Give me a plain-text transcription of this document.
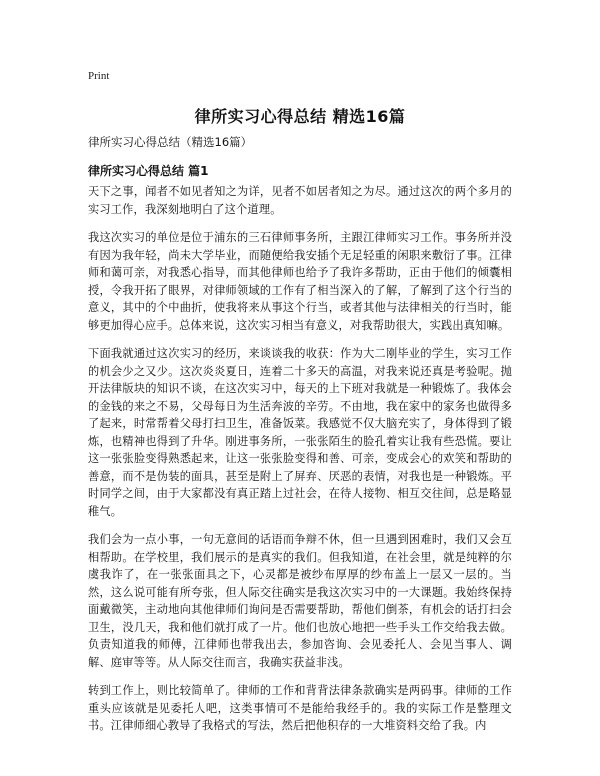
Print
律所实习心得总结 精选16篇

律所实习心得总结（精选16篇）

律所实习心得总结 篇1

天下之事，闻者不如见者知之为详，见者不如居者知之为尽。通过这次的两个多月的实习工作，我深刻地明白了这个道理。

我这次实习的单位是位于浦东的三石律师事务所，主跟江律师实习工作。事务所并没有因为我年轻，尚未大学毕业，而随便给我安插个无足轻重的闲职来敷衍了事。江律师和蔼可亲，对我悉心指导，而其他律师也给予了我许多帮助，正由于他们的倾囊相授，令我开拓了眼界，对律师领域的工作有了相当深入的了解，了解到了这个行当的意义，其中的个中曲折，使我将来从事这个行当，或者其他与法律相关的行当时，能够更加得心应手。总体来说，这次实习相当有意义，对我帮助很大，实践出真知嘛。

下面我就通过这次实习的经历，来谈谈我的收获：作为大二刚毕业的学生，实习工作的机会少之又少。这次炎炎夏日，连着二十多天的高温，对我来说还真是考验呢。抛开法律版块的知识不谈，在这次实习中，每天的上下班对我就是一种锻炼了。我体会的金钱的来之不易，父母每日为生活奔波的辛劳。不由地，我在家中的家务也做得多了起来，时常帮着父母打扫卫生，准备饭菜。我感觉不仅大脑充实了，身体得到了锻炼，也精神也得到了升华。刚进事务所，一张张陌生的脸孔着实让我有些恐慌。要让这一张张脸变得熟悉起来，让这一张张脸变得和善、可亲，变成会心的欢笑和帮助的善意，而不是伪装的面具，甚至是附上了屏弃、厌恶的表情，对我也是一种锻炼。平时同学之间，由于大家都没有真正踏上过社会，在待人接物、相互交往间，总是略显稚气。

我们会为一点小事，一句无意间的话语而争辩不休，但一旦遇到困难时，我们又会互相帮助。在学校里，我们展示的是真实的我们。但我知道，在社会里，就是纯粹的尔虞我诈了，在一张张面具之下，心灵都是被纱布厚厚的纱布盖上一层又一层的。当然，这么说可能有所夸张，但人际交往确实是我这次实习中的一大课题。我始终保持面戴微笑，主动地向其他律师们询问是否需要帮助，帮他们倒茶，有机会的话打扫会卫生，没几天，我和他们就打成了一片。他们也放心地把一些手头工作交给我去做。负责知道我的师傅，江律师也带我出去，参加咨询、会见委托人、会见当事人、调解、庭审等等。从人际交往而言，我确实获益非浅。

转到工作上，则比较简单了。律师的工作和背背法律条款确实是两码事。律师的工作重头应该就是见委托人吧，这类事情可不是能给我经手的。我的实际工作是整理文书。江律师细心教导了我格式的写法，然后把他积存的一大堆资料交给了我。内
